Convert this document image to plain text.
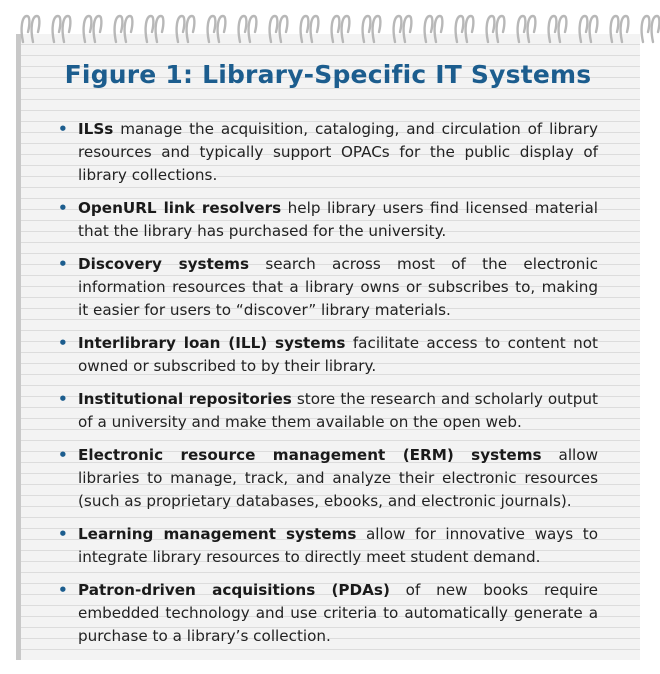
Figure 1: Library-Specific IT Systems
• ILSs manage the acquisition, cataloging, and circulation of library resources and typically support OPACs for the public display of library collections.
• OpenURL link resolvers help library users find licensed material that the library has purchased for the university.
• Discovery systems search across most of the electronic information resources that a library owns or subscribes to, making it easier for users to “discover” library materials.
• Interlibrary loan (ILL) systems facilitate access to content not owned or subscribed to by their library.
• Institutional repositories store the research and scholarly output of a university and make them available on the open web.
• Electronic resource management (ERM) systems allow libraries to manage, track, and analyze their electronic resources (such as proprietary databases, ebooks, and electronic journals).
• Learning management systems allow for innovative ways to integrate library resources to directly meet student demand.
• Patron-driven acquisitions (PDAs) of new books require embedded technology and use criteria to automatically generate a purchase to a library’s collection.
